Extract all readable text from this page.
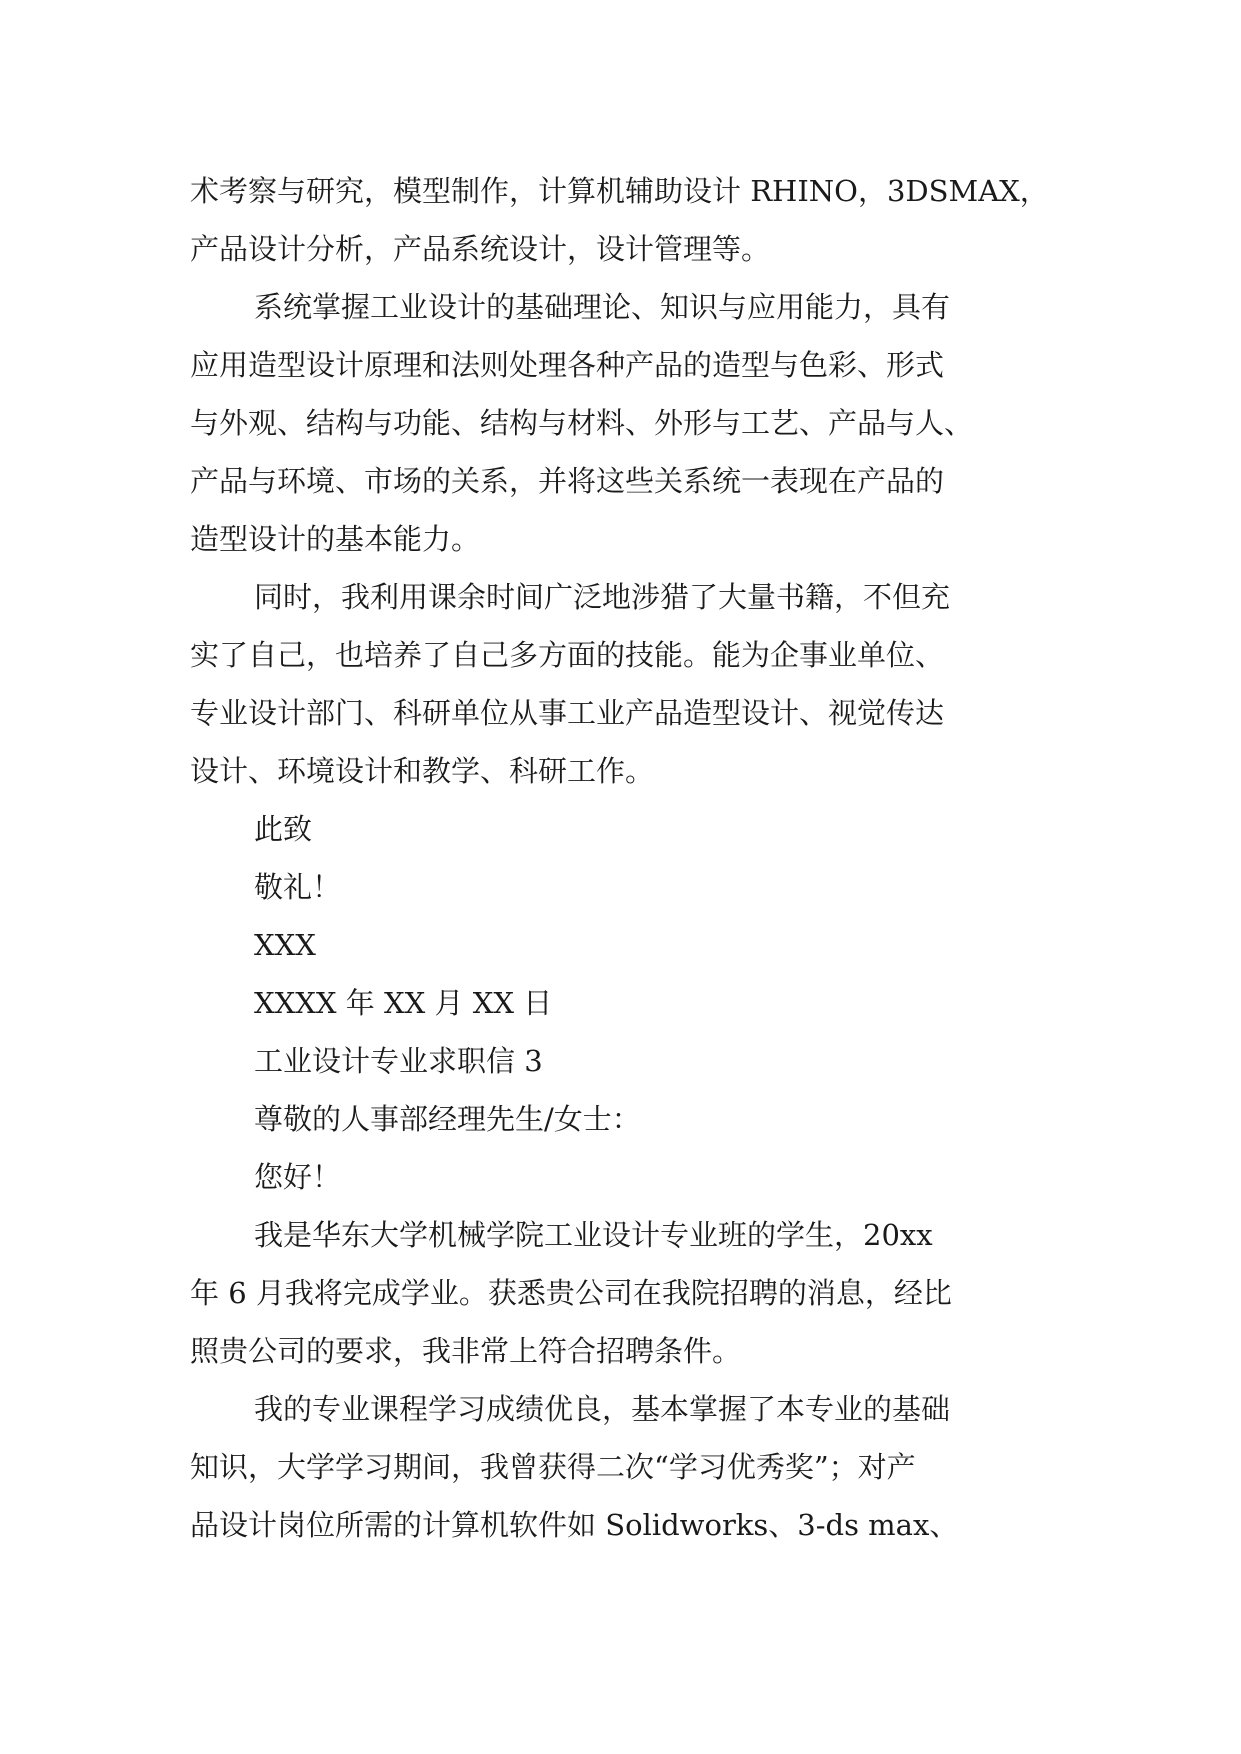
术考察与研究，模型制作，计算机辅助设计 RHINO，3DSMAX，
产品设计分析，产品系统设计，设计管理等。
系统掌握工业设计的基础理论、知识与应用能力，具有
应用造型设计原理和法则处理各种产品的造型与色彩、形式
与外观、结构与功能、结构与材料、外形与工艺、产品与人、
产品与环境、市场的关系，并将这些关系统一表现在产品的
造型设计的基本能力。
同时，我利用课余时间广泛地涉猎了大量书籍，不但充
实了自己，也培养了自己多方面的技能。能为企事业单位、
专业设计部门、科研单位从事工业产品造型设计、视觉传达
设计、环境设计和教学、科研工作。
此致
敬礼！
XXX
XXXX 年 XX 月 XX 日
工业设计专业求职信 3
尊敬的人事部经理先生/女士：
您好！
我是华东大学机械学院工业设计专业班的学生，20xx
年 6 月我将完成学业。获悉贵公司在我院招聘的消息，经比
照贵公司的要求，我非常上符合招聘条件。
我的专业课程学习成绩优良，基本掌握了本专业的基础
知识，大学学习期间，我曾获得二次“学习优秀奖”；对产
品设计岗位所需的计算机软件如 Solidworks、3-ds max、
